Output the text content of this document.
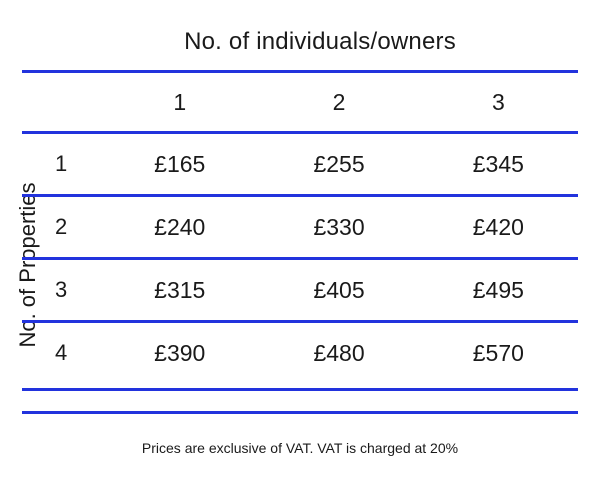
No. of individuals/owners
No. of Properties
	1	2	3
1	£165	£255	£345
2	£240	£330	£420
3	£315	£405	£495
4	£390	£480	£570
Prices are exclusive of VAT. VAT is charged at 20%
